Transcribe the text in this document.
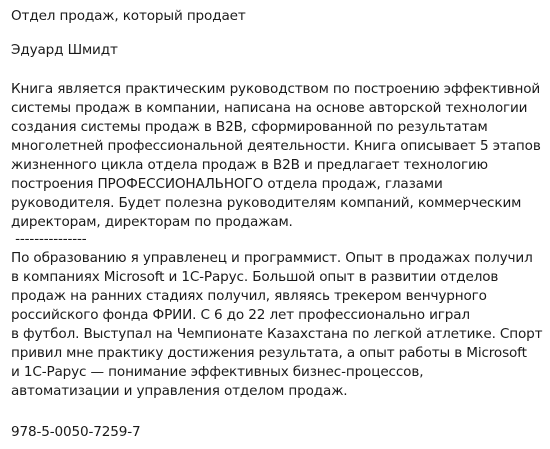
Отдел продаж, который продает
Эдуард Шмидт
Книга является практическим руководством по построению эффективной
системы продаж в компании, написана на основе авторской технологии
создания системы продаж в B2B, сформированной по результатам
многолетней профессиональной деятельности. Книга описывает 5 этапов
жизненного цикла отдела продаж в B2B и предлагает технологию
построения ПРОФЕССИОНАЛЬНОГО отдела продаж, глазами
руководителя. Будет полезна руководителям компаний, коммерческим
директорам, директорам по продажам.
---------------
По образованию я управленец и программист. Опыт в продажах получил
в компаниях Microsoft и 1С-Рарус. Большой опыт в развитии отделов
продаж на ранних стадиях получил, являясь трекером венчурного
российского фонда ФРИИ. С 6 до 22 лет профессионально играл
в футбол. Выступал на Чемпионате Казахстана по легкой атлетике. Спорт
привил мне практику достижения результата, а опыт работы в Microsoft
и 1С-Рарус — понимание эффективных бизнес-процессов,
автоматизации и управления отделом продаж.
978-5-0050-7259-7
